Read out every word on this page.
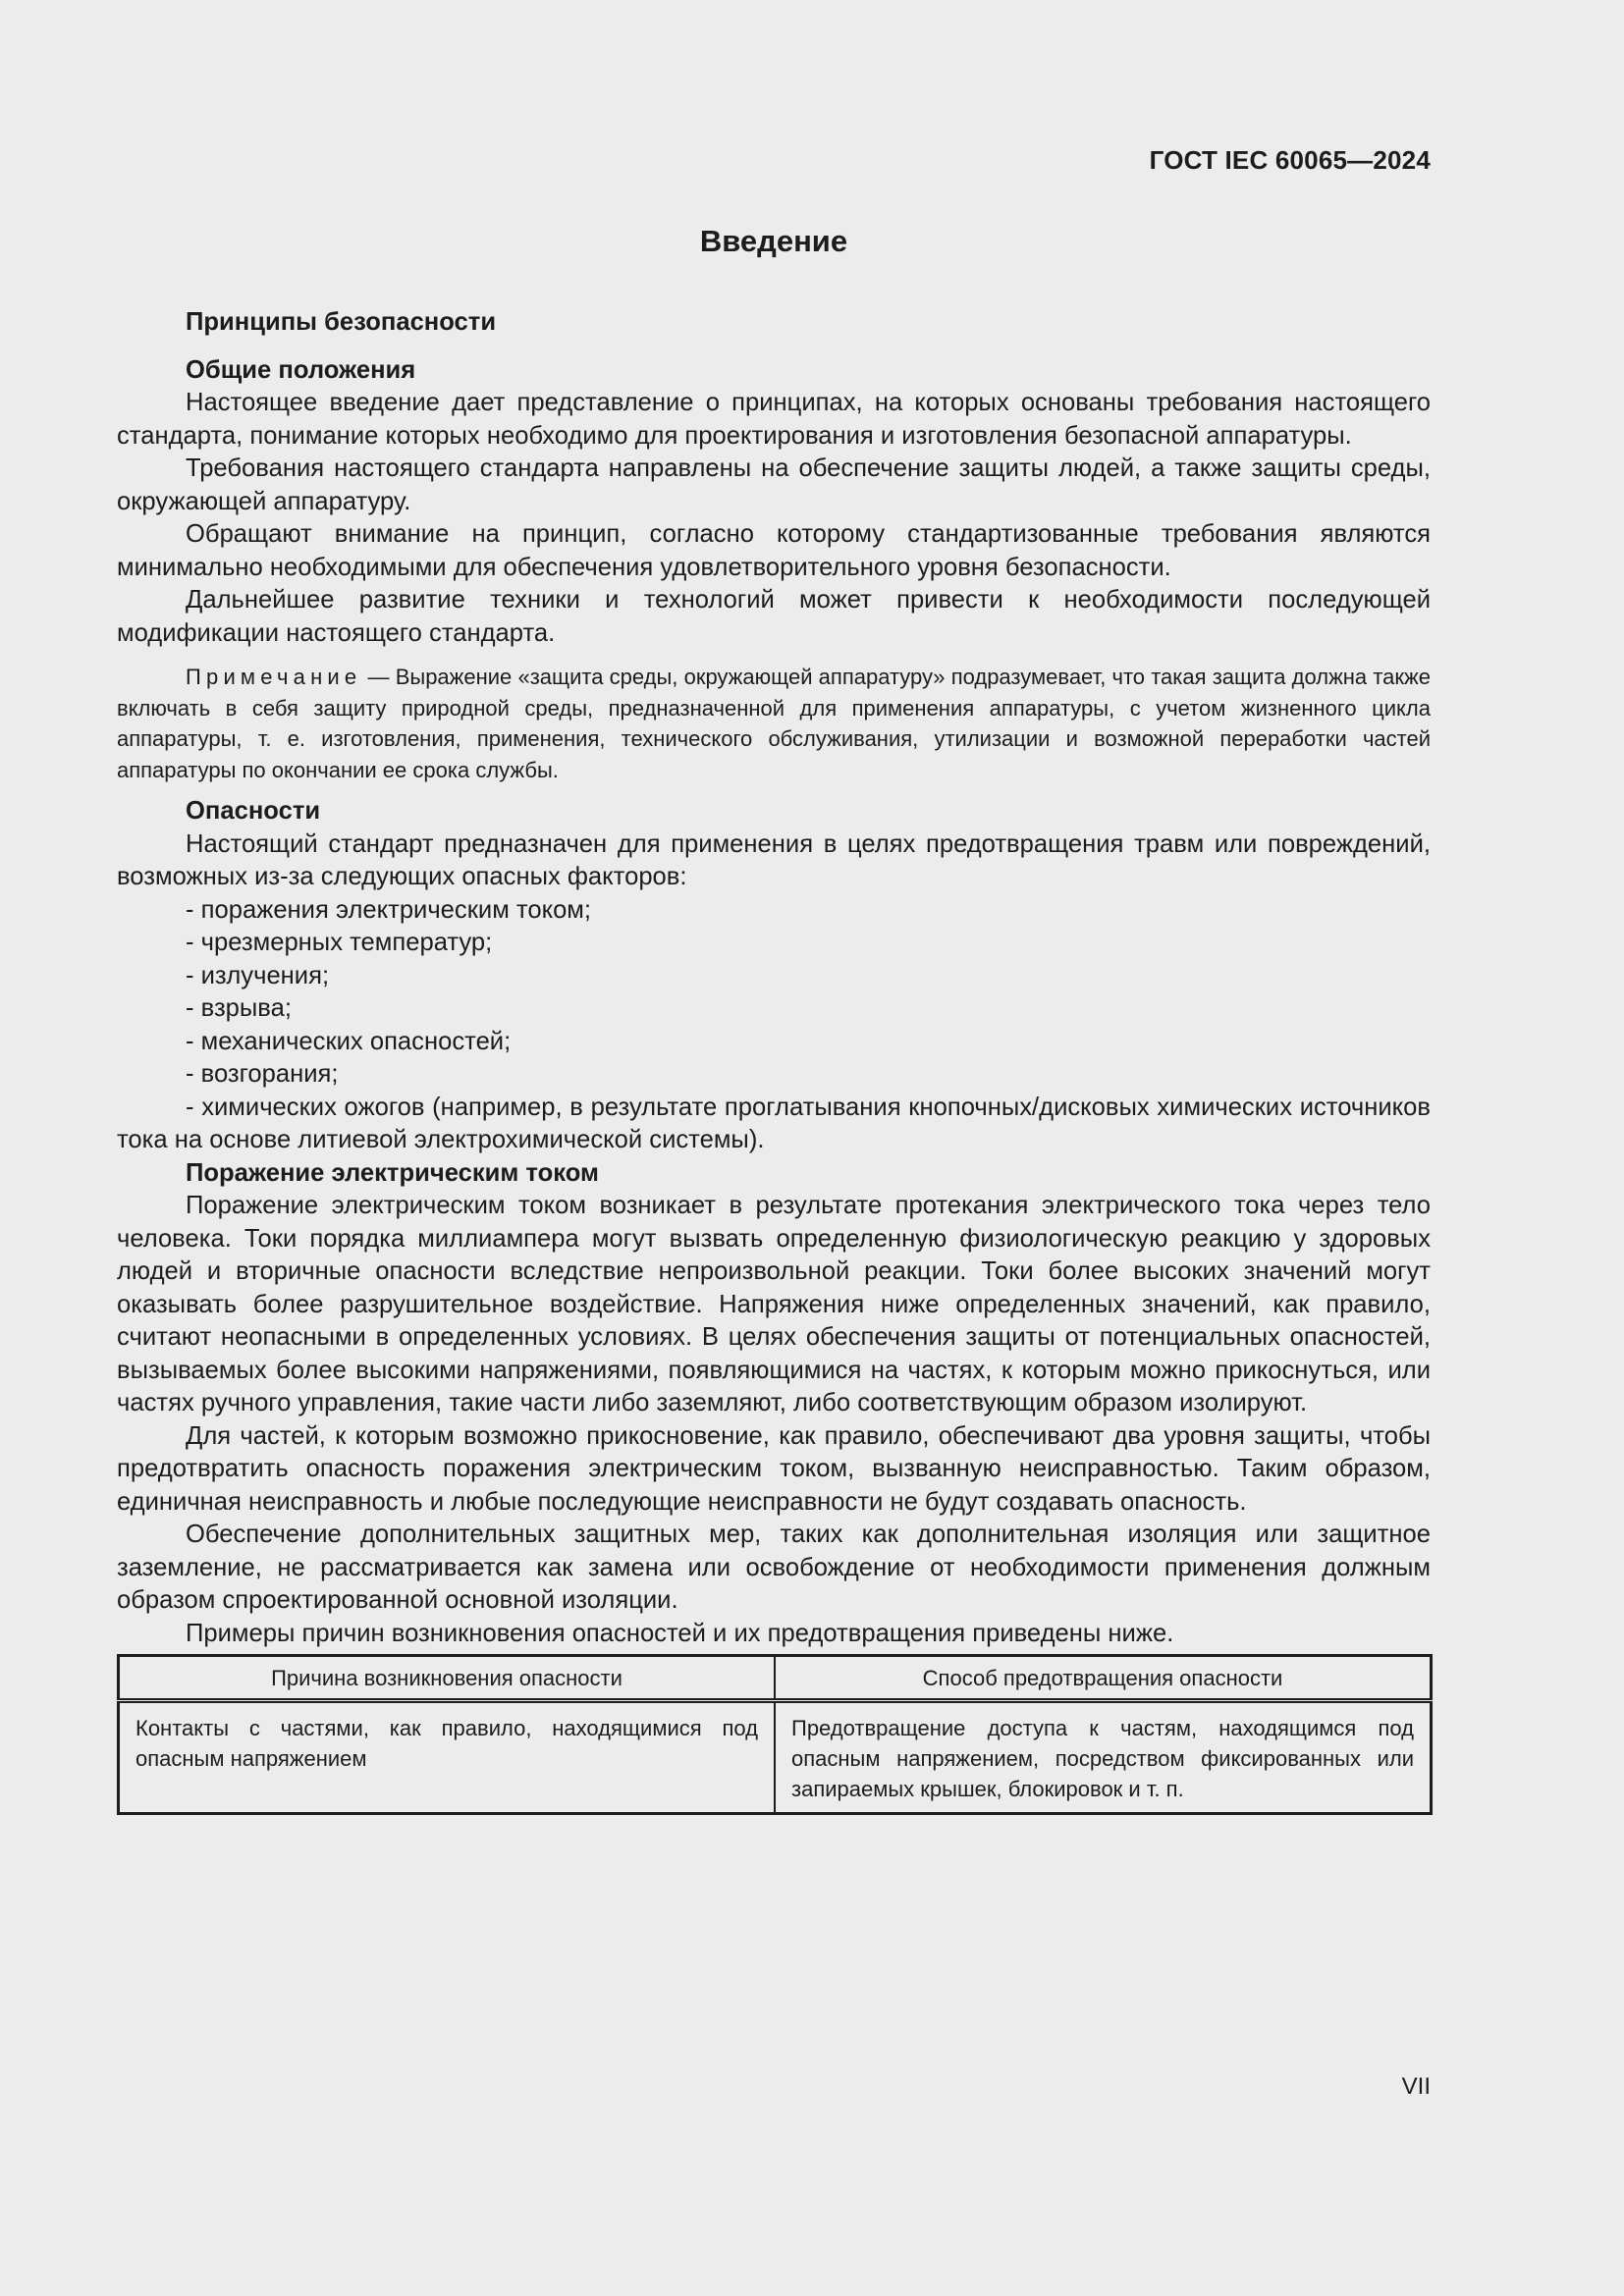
ГОСТ IEC 60065—2024
Введение

Принципы безопасности

Общие положения

Настоящее введение дает представление о принципах, на которых основаны требования настоящего стандарта, понимание которых необходимо для проектирования и изготовления безопасной аппаратуры.

Требования настоящего стандарта направлены на обеспечение защиты людей, а также защиты среды, окружающей аппаратуру.

Обращают внимание на принцип, согласно которому стандартизованные требования являются минимально необходимыми для обеспечения удовлетворительного уровня безопасности.

Дальнейшее развитие техники и технологий может привести к необходимости последующей модификации настоящего стандарта.

Примечание — Выражение «защита среды, окружающей аппаратуру» подразумевает, что такая защита должна также включать в себя защиту природной среды, предназначенной для применения аппаратуры, с учетом жизненного цикла аппаратуры, т. е. изготовления, применения, технического обслуживания, утилизации и возможной переработки частей аппаратуры по окончании ее срока службы.

Опасности

Настоящий стандарт предназначен для применения в целях предотвращения травм или повреждений, возможных из-за следующих опасных факторов:

- поражения электрическим током;

- чрезмерных температур;

- излучения;

- взрыва;

- механических опасностей;

- возгорания;

- химических ожогов (например, в результате проглатывания кнопочных/дисковых химических источников тока на основе литиевой электрохимической системы).

Поражение электрическим током

Поражение электрическим током возникает в результате протекания электрического тока через тело человека. Токи порядка миллиампера могут вызвать определенную физиологическую реакцию у здоровых людей и вторичные опасности вследствие непроизвольной реакции. Токи более высоких значений могут оказывать более разрушительное воздействие. Напряжения ниже определенных значений, как правило, считают неопасными в определенных условиях. В целях обеспечения защиты от потенциальных опасностей, вызываемых более высокими напряжениями, появляющимися на частях, к которым можно прикоснуться, или частях ручного управления, такие части либо заземляют, либо соответствующим образом изолируют.

Для частей, к которым возможно прикосновение, как правило, обеспечивают два уровня защиты, чтобы предотвратить опасность поражения электрическим током, вызванную неисправностью. Таким образом, единичная неисправность и любые последующие неисправности не будут создавать опасность.

Обеспечение дополнительных защитных мер, таких как дополнительная изоляция или защитное заземление, не рассматривается как замена или освобождение от необходимости применения должным образом спроектированной основной изоляции.

Примеры причин возникновения опасностей и их предотвращения приведены ниже.

Причина возникновения опасности	Способ предотвращения опасности
Контакты с частями, как правило, находящимися под опасным напряжением	Предотвращение доступа к частям, находящимся под опасным напряжением, посредством фиксированных или запираемых крышек, блокировок и т. п.
VII
